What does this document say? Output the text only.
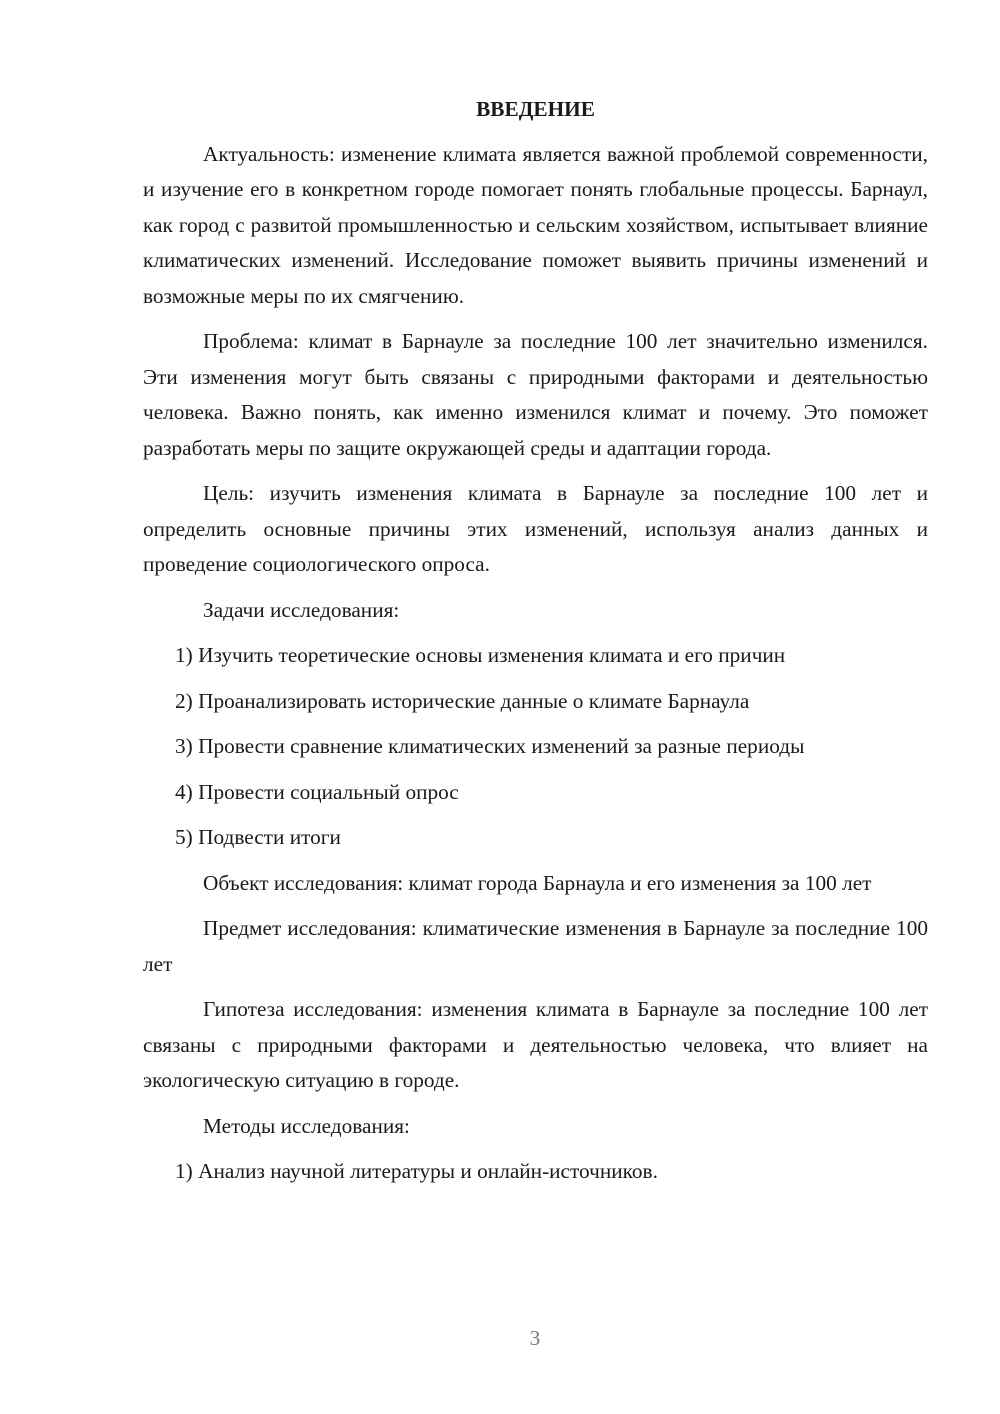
ВВЕДЕНИЕ

Актуальность: изменение климата является важной проблемой современности, и изучение его в конкретном городе помогает понять глобальные процессы. Барнаул, как город с развитой промышленностью и сельским хозяйством, испытывает влияние климатических изменений. Исследование поможет выявить причины изменений и возможные меры по их смягчению.

Проблема: климат в Барнауле за последние 100 лет значительно изменился. Эти изменения могут быть связаны с природными факторами и деятельностью человека. Важно понять, как именно изменился климат и почему. Это поможет разработать меры по защите окружающей среды и адаптации города.

Цель: изучить изменения климата в Барнауле за последние 100 лет и определить основные причины этих изменений, используя анализ данных и проведение социологического опроса.

Задачи исследования:

1) Изучить теоретические основы изменения климата и его причин

2) Проанализировать исторические данные о климате Барнаула

3) Провести сравнение климатических изменений за разные периоды

4) Провести социальный опрос

5) Подвести итоги

Объект исследования: климат города Барнаула и его изменения за 100 лет

Предмет исследования: климатические изменения в Барнауле за последние 100 лет

Гипотеза исследования: изменения климата в Барнауле за последние 100 лет связаны с природными факторами и деятельностью человека, что влияет на экологическую ситуацию в городе.

Методы исследования:

1) Анализ научной литературы и онлайн-источников.

3
